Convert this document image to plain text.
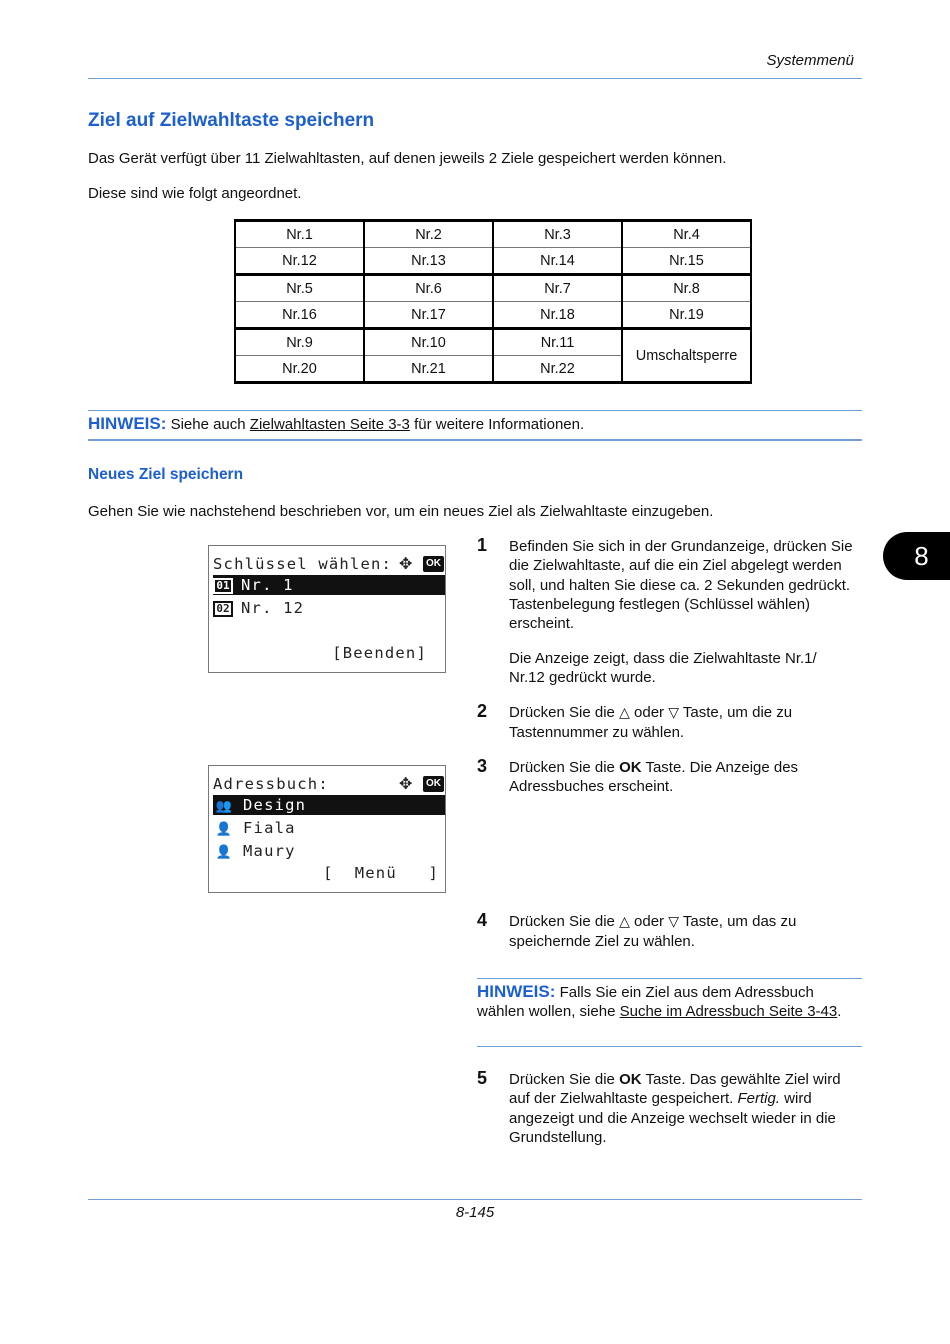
Systemmenü
Ziel auf Zielwahltaste speichern
Das Gerät verfügt über 11 Zielwahltasten, auf denen jeweils 2 Ziele gespeichert werden können.
Diese sind wie folgt angeordnet.
Nr.1	Nr.2	Nr.3	Nr.4
Nr.12	Nr.13	Nr.14	Nr.15
Nr.5	Nr.6	Nr.7	Nr.8
Nr.16	Nr.17	Nr.18	Nr.19
Nr.9	Nr.10	Nr.11	Umschaltsperre
Nr.20	Nr.21	Nr.22	
HINWEIS: Siehe auch Zielwahltasten Seite 3-3 für weitere Informationen.
Neues Ziel speichern
Gehen Sie wie nachstehend beschrieben vor, um ein neues Ziel als Zielwahltaste einzugeben.
8
Schlüssel wählen: ✥	OK
01 Nr. 1
02 Nr. 12
[Beenden]
Adressbuch:	✥	OK
👥 Design
👤 Fiala
👤 Maury
[  Menü   ]
1 Befinden Sie sich in der Grundanzeige, drücken Sie die Zielwahltaste, auf die ein Ziel abgelegt werden soll, und halten Sie diese ca. 2 Sekunden gedrückt. Tastenbelegung festlegen (Schlüssel wählen) erscheint.
Die Anzeige zeigt, dass die Zielwahltaste Nr.1/ Nr.12 gedrückt wurde.
2 Drücken Sie die △ oder ▽ Taste, um die zu Tastennummer zu wählen.
3 Drücken Sie die OK Taste. Die Anzeige des Adressbuches erscheint.
4 Drücken Sie die △ oder ▽ Taste, um das zu speichernde Ziel zu wählen.
HINWEIS: Falls Sie ein Ziel aus dem Adressbuch wählen wollen, siehe Suche im Adressbuch Seite 3-43.
5 Drücken Sie die OK Taste. Das gewählte Ziel wird auf der Zielwahltaste gespeichert. Fertig. wird angezeigt und die Anzeige wechselt wieder in die Grundstellung.
8-145
